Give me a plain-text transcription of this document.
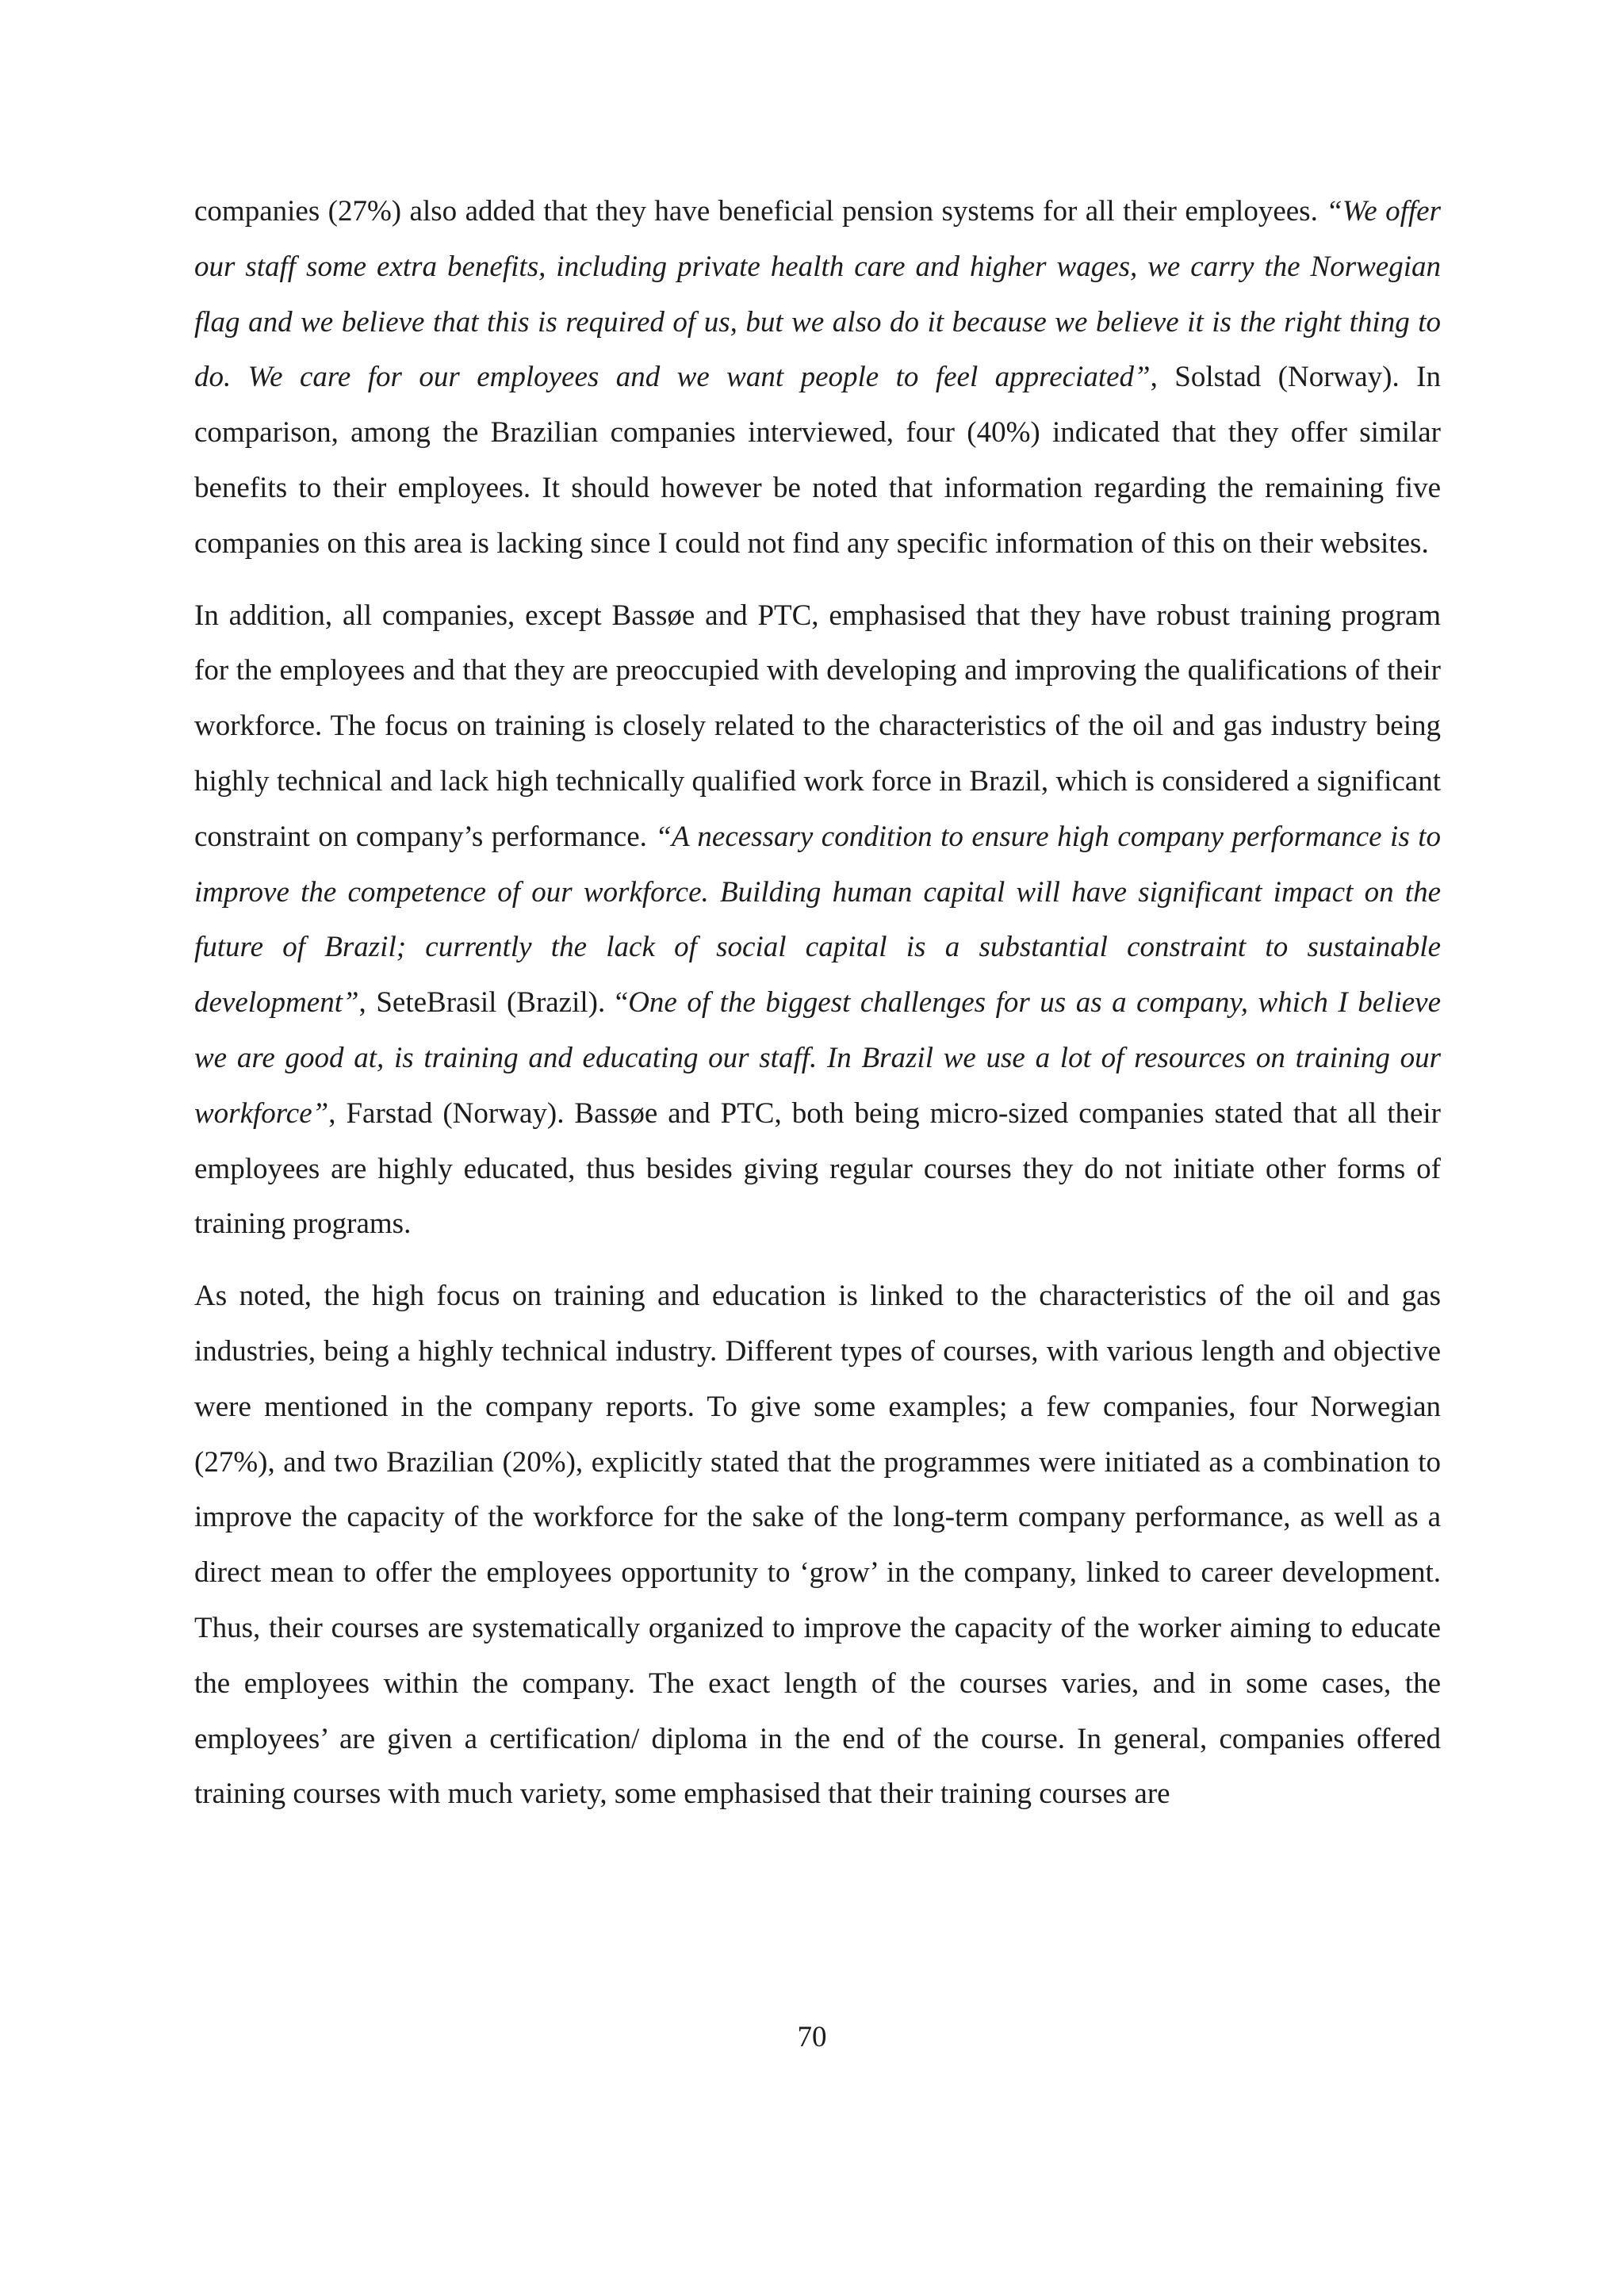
companies (27%) also added that they have beneficial pension systems for all their employees. “We offer our staff some extra benefits, including private health care and higher wages, we carry the Norwegian flag and we believe that this is required of us, but we also do it because we believe it is the right thing to do. We care for our employees and we want people to feel appreciated”, Solstad (Norway). In comparison, among the Brazilian companies interviewed, four (40%) indicated that they offer similar benefits to their employees. It should however be noted that information regarding the remaining five companies on this area is lacking since I could not find any specific information of this on their websites.

In addition, all companies, except Bassøe and PTC, emphasised that they have robust training program for the employees and that they are preoccupied with developing and improving the qualifications of their workforce. The focus on training is closely related to the characteristics of the oil and gas industry being highly technical and lack high technically qualified work force in Brazil, which is considered a significant constraint on company’s performance. “A necessary condition to ensure high company performance is to improve the competence of our workforce. Building human capital will have significant impact on the future of Brazil; currently the lack of social capital is a substantial constraint to sustainable development”, SeteBrasil (Brazil). “One of the biggest challenges for us as a company, which I believe we are good at, is training and educating our staff. In Brazil we use a lot of resources on training our workforce”, Farstad (Norway). Bassøe and PTC, both being micro-sized companies stated that all their employees are highly educated, thus besides giving regular courses they do not initiate other forms of training programs.

As noted, the high focus on training and education is linked to the characteristics of the oil and gas industries, being a highly technical industry. Different types of courses, with various length and objective were mentioned in the company reports. To give some examples; a few companies, four Norwegian (27%), and two Brazilian (20%), explicitly stated that the programmes were initiated as a combination to improve the capacity of the workforce for the sake of the long-term company performance, as well as a direct mean to offer the employees opportunity to ‘grow’ in the company, linked to career development. Thus, their courses are systematically organized to improve the capacity of the worker aiming to educate the employees within the company. The exact length of the courses varies, and in some cases, the employees’ are given a certification/ diploma in the end of the course. In general, companies offered training courses with much variety, some emphasised that their training courses are

70
